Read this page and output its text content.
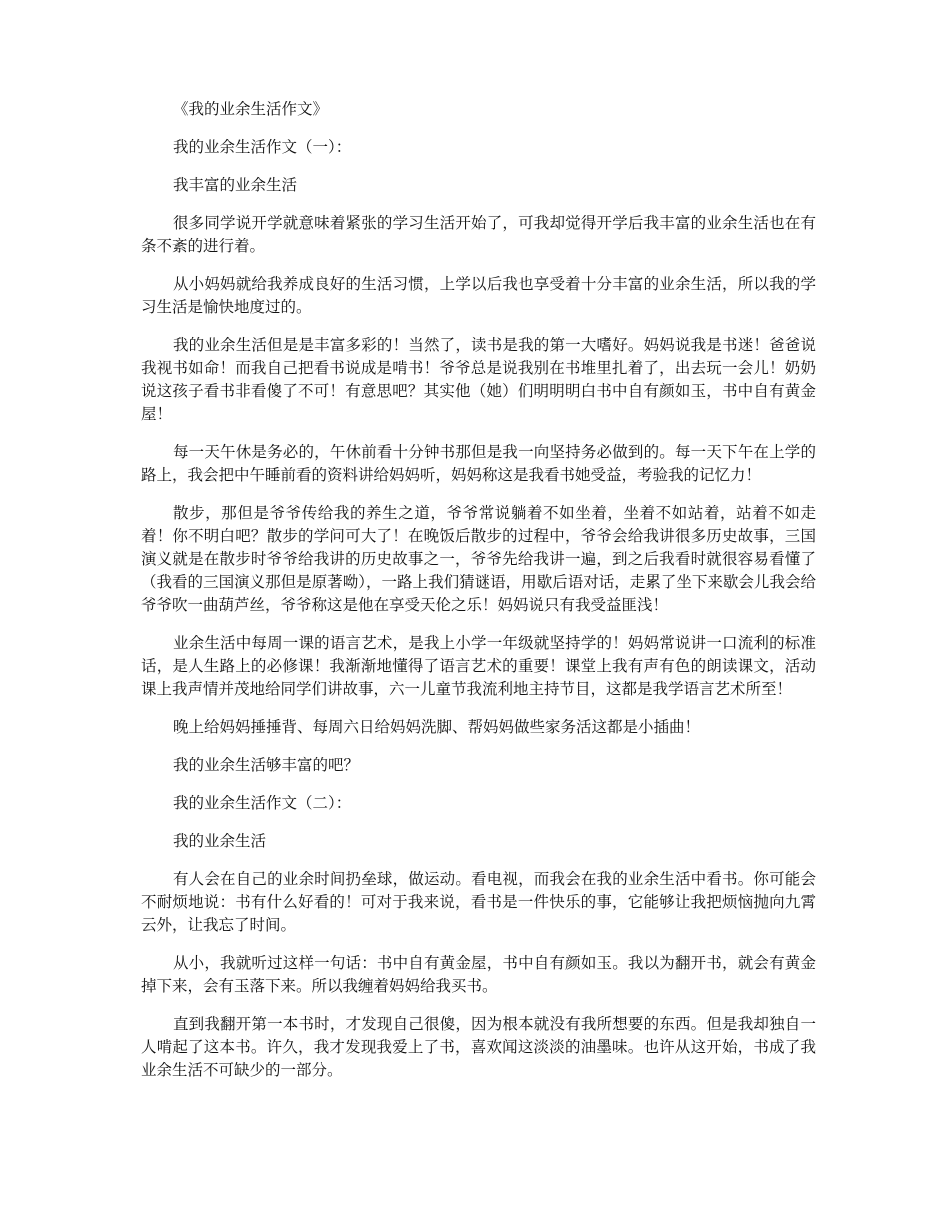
《我的业余生活作文》

我的业余生活作文（一）：

我丰富的业余生活

很多同学说开学就意味着紧张的学习生活开始了，可我却觉得开学后我丰富的业余生活也在有条不紊的进行着。

从小妈妈就给我养成良好的生活习惯，上学以后我也享受着十分丰富的业余生活，所以我的学习生活是愉快地度过的。

我的业余生活但是是丰富多彩的！当然了，读书是我的第一大嗜好。妈妈说我是书迷！爸爸说我视书如命！而我自己把看书说成是啃书！爷爷总是说我别在书堆里扎着了，出去玩一会儿！奶奶说这孩子看书非看傻了不可！有意思吧？其实他（她）们明明明白书中自有颜如玉，书中自有黄金屋！

每一天午休是务必的，午休前看十分钟书那但是我一向坚持务必做到的。每一天下午在上学的路上，我会把中午睡前看的资料讲给妈妈听，妈妈称这是我看书她受益，考验我的记忆力！

散步，那但是爷爷传给我的养生之道，爷爷常说躺着不如坐着，坐着不如站着，站着不如走着！你不明白吧？散步的学问可大了！在晚饭后散步的过程中，爷爷会给我讲很多历史故事，三国演义就是在散步时爷爷给我讲的历史故事之一，爷爷先给我讲一遍，到之后我看时就很容易看懂了（我看的三国演义那但是原著呦），一路上我们猜谜语，用歇后语对话，走累了坐下来歇会儿我会给爷爷吹一曲葫芦丝，爷爷称这是他在享受天伦之乐！妈妈说只有我受益匪浅！

业余生活中每周一课的语言艺术，是我上小学一年级就坚持学的！妈妈常说讲一口流利的标准话，是人生路上的必修课！我渐渐地懂得了语言艺术的重要！课堂上我有声有色的朗读课文，活动课上我声情并茂地给同学们讲故事，六一儿童节我流利地主持节目，这都是我学语言艺术所至！

晚上给妈妈捶捶背、每周六日给妈妈洗脚、帮妈妈做些家务活这都是小插曲！

我的业余生活够丰富的吧？

我的业余生活作文（二）：

我的业余生活

有人会在自己的业余时间扔垒球，做运动。看电视，而我会在我的业余生活中看书。你可能会不耐烦地说：书有什么好看的！可对于我来说，看书是一件快乐的事，它能够让我把烦恼抛向九霄云外，让我忘了时间。

从小，我就听过这样一句话：书中自有黄金屋，书中自有颜如玉。我以为翻开书，就会有黄金掉下来，会有玉落下来。所以我缠着妈妈给我买书。

直到我翻开第一本书时，才发现自己很傻，因为根本就没有我所想要的东西。但是我却独自一人啃起了这本书。许久，我才发现我爱上了书，喜欢闻这淡淡的油墨味。也许从这开始，书成了我业余生活不可缺少的一部分。
